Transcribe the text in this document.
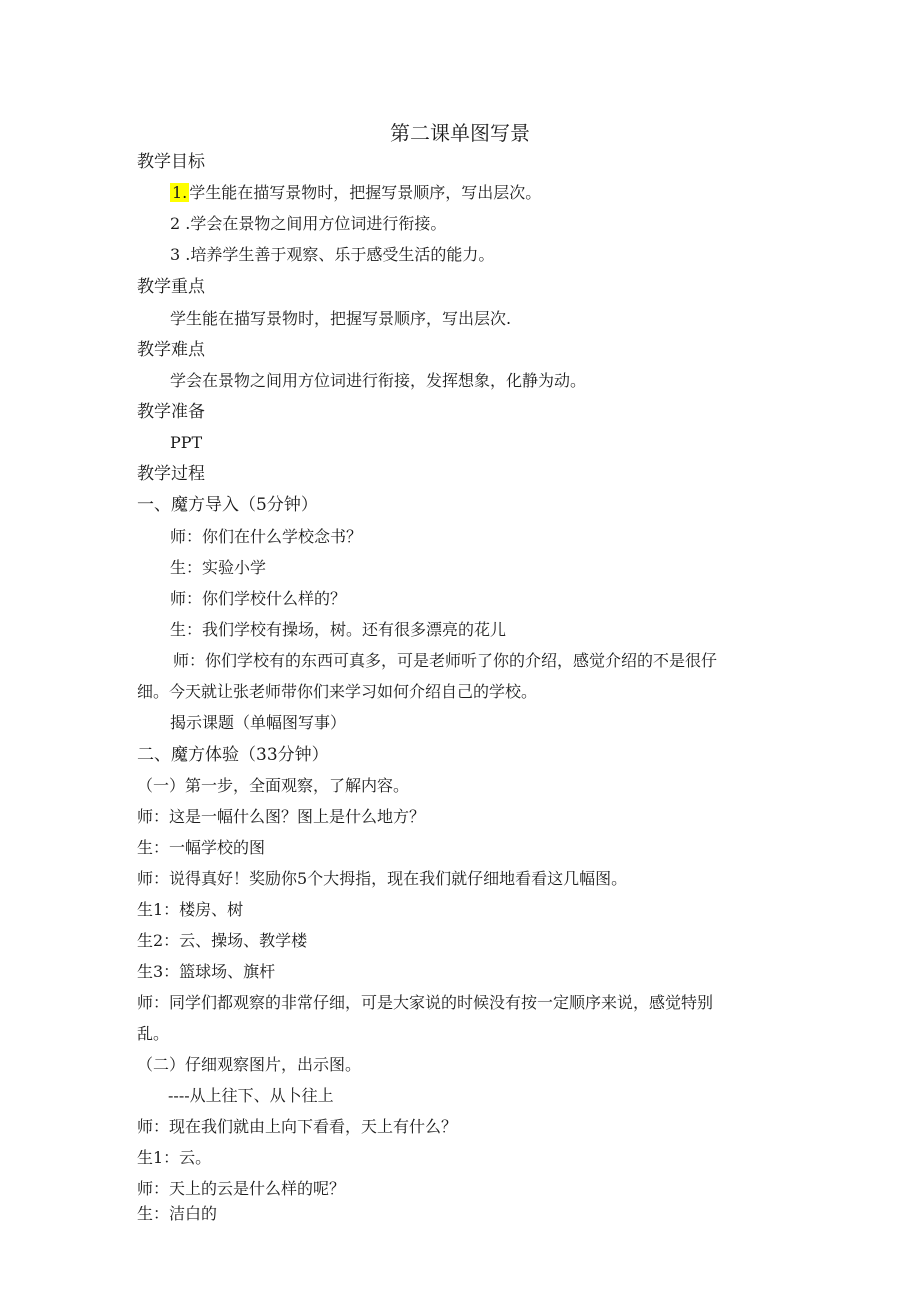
第二课单图写景
教学目标
1. 学生能在描写景物时，把握写景顺序，写出层次。
2 .学会在景物之间用方位词进行衔接。
3 .培养学生善于观察、乐于感受生活的能力。
教学重点
学生能在描写景物时，把握写景顺序，写出层次.
教学难点
学会在景物之间用方位词进行衔接，发挥想象，化静为动。
教学准备
PPT
教学过程
一、魔方导入（5分钟）
师：你们在什么学校念书？
生：实验小学
师：你们学校什么样的？
生：我们学校有操场，树。还有很多漂亮的花儿
师：你们学校有的东西可真多，可是老师听了你的介绍，感觉介绍的不是很仔
细。今天就让张老师带你们来学习如何介绍自己的学校。
揭示课题（单幅图写事）
二、魔方体验（33分钟）
（一）第一步，全面观察，了解内容。
师：这是一幅什么图？图上是什么地方？
生：一幅学校的图
师：说得真好！奖励你5个大拇指，现在我们就仔细地看看这几幅图。
生1：楼房、树
生2：云、操场、教学楼
生3：篮球场、旗杆
师：同学们都观察的非常仔细，可是大家说的时候没有按一定顺序来说，感觉特别
乱。
（二）仔细观察图片，出示图。
----从上往下、从卜往上
师：现在我们就由上向下看看，天上有什么？
生1：云。
师：天上的云是什么样的呢？
生：洁白的
